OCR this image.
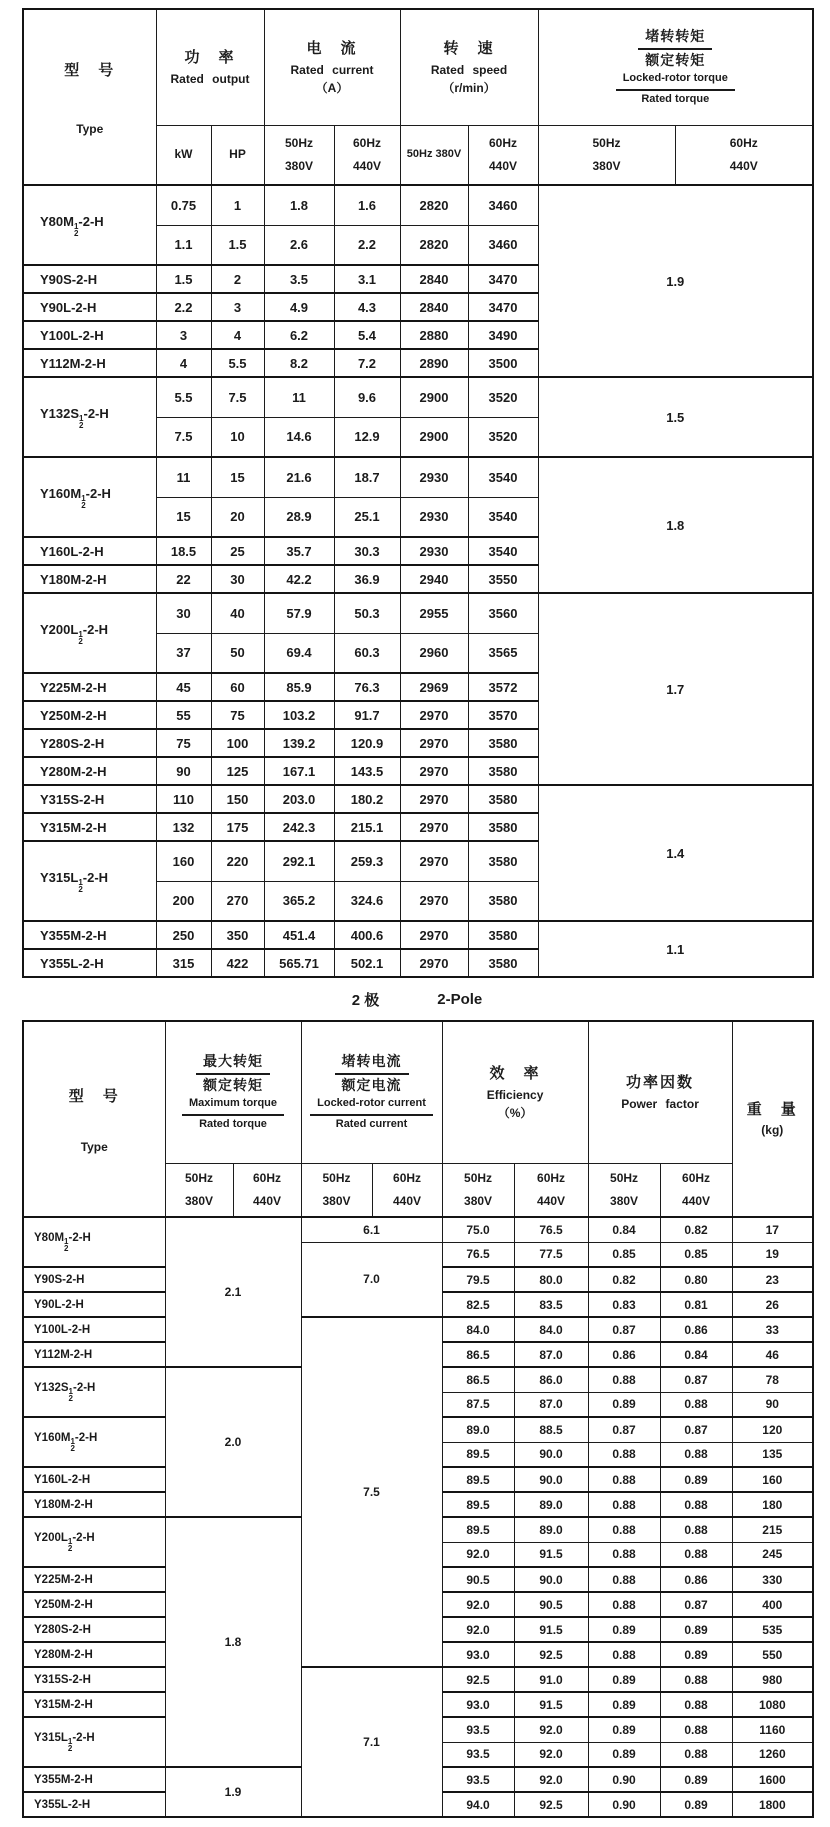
型　号
Type

功　率
Rated output

电　流
Rated current
（A）

转　速
Rated speed
（r/min）

堵转转矩
额定转矩
Locked-rotor torque
Rated torque

kW	HP

50Hz
380V

60Hz
440V

50Hz 380V

60Hz
440V

50Hz
380V

60Hz
440V

Y80M 1
2
-2-H	0.75	1	1.8	1.6	2820	3460	1.9	
	1.1	1.5	2.6	2.2	2820	3460		
Y90S-2-H	1.5	2	3.5	3.1	2840	3470		
Y90L-2-H	2.2	3	4.9	4.3	2840	3470		
Y100L-2-H	3	4	6.2	5.4	2880	3490		
Y112M-2-H	4	5.5	8.2	7.2	2890	3500		
Y132S 1
2
-2-H	5.5	7.5	11	9.6	2900	3520	1.5	
	7.5	10	14.6	12.9	2900	3520		
Y160M 1
2
-2-H	11	15	21.6	18.7	2930	3540	1.8	
	15	20	28.9	25.1	2930	3540		
Y160L-2-H	18.5	25	35.7	30.3	2930	3540		
Y180M-2-H	22	30	42.2	36.9	2940	3550		
Y200L 1
2
-2-H	30	40	57.9	50.3	2955	3560	1.7	
	37	50	69.4	60.3	2960	3565		
Y225M-2-H	45	60	85.9	76.3	2969	3572		
Y250M-2-H	55	75	103.2	91.7	2970	3570		
Y280S-2-H	75	100	139.2	120.9	2970	3580		
Y280M-2-H	90	125	167.1	143.5	2970	3580		
Y315S-2-H	110	150	203.0	180.2	2970	3580	1.4	
Y315M-2-H	132	175	242.3	215.1	2970	3580		
Y315L 1
2
-2-H	160	220	292.1	259.3	2970	3580		
	200	270	365.2	324.6	2970	3580		
Y355M-2-H	250	350	451.4	400.6	2970	3580	1.1	
Y355L-2-H	315	422	565.71	502.1	2970	3580		
2 极	2-Pole
型　号
Type

最大转矩
额定转矩
Maximum torque
Rated torque

堵转电流
额定电流
Locked-rotor current
Rated current

效　率
Efficiency
（%）

功率因数
Power factor	重　量
(kg)

50Hz
380V

60Hz
440V

50Hz
380V

60Hz
440V

50Hz
380V

60Hz
440V

50Hz
380V

60Hz
440V

Y80M 1
2
-2-H	2.1		6.1		75.0	76.5	0.84	0.82	17
			7.0		76.5	77.5	0.85	0.85	19
Y90S-2-H					79.5	80.0	0.82	0.80	23
Y90L-2-H					82.5	83.5	0.83	0.81	26
Y100L-2-H			7.5		84.0	84.0	0.87	0.86	33
Y112M-2-H					86.5	87.0	0.86	0.84	46
Y132S 1
2
-2-H	2.0				86.5	86.0	0.88	0.87	78
					87.5	87.0	0.89	0.88	90
Y160M 1
2
-2-H					89.0	88.5	0.87	0.87	120
					89.5	90.0	0.88	0.88	135
Y160L-2-H					89.5	90.0	0.88	0.89	160
Y180M-2-H					89.5	89.0	0.88	0.88	180
Y200L 1
2
-2-H	1.8				89.5	89.0	0.88	0.88	215
					92.0	91.5	0.88	0.88	245
Y225M-2-H					90.5	90.0	0.88	0.86	330
Y250M-2-H					92.0	90.5	0.88	0.87	400
Y280S-2-H					92.0	91.5	0.89	0.89	535
Y280M-2-H					93.0	92.5	0.88	0.89	550
Y315S-2-H			7.1		92.5	91.0	0.89	0.88	980
Y315M-2-H					93.0	91.5	0.89	0.88	1080
Y315L 1
2
-2-H					93.5	92.0	0.89	0.88	1160
					93.5	92.0	0.89	0.88	1260
Y355M-2-H	1.9				93.5	92.0	0.90	0.89	1600
Y355L-2-H					94.0	92.5	0.90	0.89	1800
